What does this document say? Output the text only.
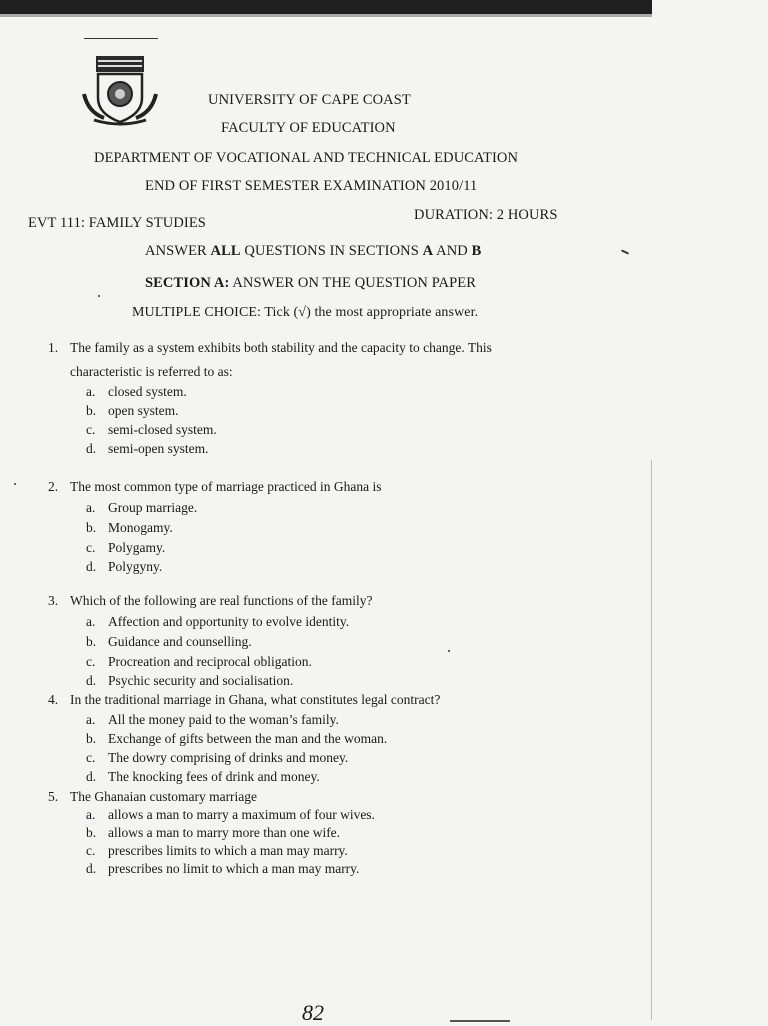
UNIVERSITY OF CAPE COAST
FACULTY OF EDUCATION
DEPARTMENT OF VOCATIONAL AND TECHNICAL EDUCATION
END OF FIRST SEMESTER EXAMINATION 2010/11
EVT 111: FAMILY STUDIES	DURATION: 2 HOURS
ANSWER ALL QUESTIONS IN SECTIONS A AND B
SECTION A: ANSWER ON THE QUESTION PAPER
MULTIPLE CHOICE: Tick (√) the most appropriate answer.
1. The family as a system exhibits both stability and the capacity to change. This
characteristic is referred to as:
a. closed system.
b. open system.
c. semi-closed system.
d. semi-open system.
2. The most common type of marriage practiced in Ghana is
a. Group marriage.
b. Monogamy.
c. Polygamy.
d. Polygyny.
3. Which of the following are real functions of the family?
a. Affection and opportunity to evolve identity.
b. Guidance and counselling.
c. Procreation and reciprocal obligation.
d. Psychic security and socialisation.
4. In the traditional marriage in Ghana, what constitutes legal contract?
a. All the money paid to the woman’s family.
b. Exchange of gifts between the man and the woman.
c. The dowry comprising of drinks and money.
d. The knocking fees of drink and money.
5. The Ghanaian customary marriage
a. allows a man to marry a maximum of four wives.
b. allows a man to marry more than one wife.
c. prescribes limits to which a man may marry.
d. prescribes no limit to which a man may marry.
82
